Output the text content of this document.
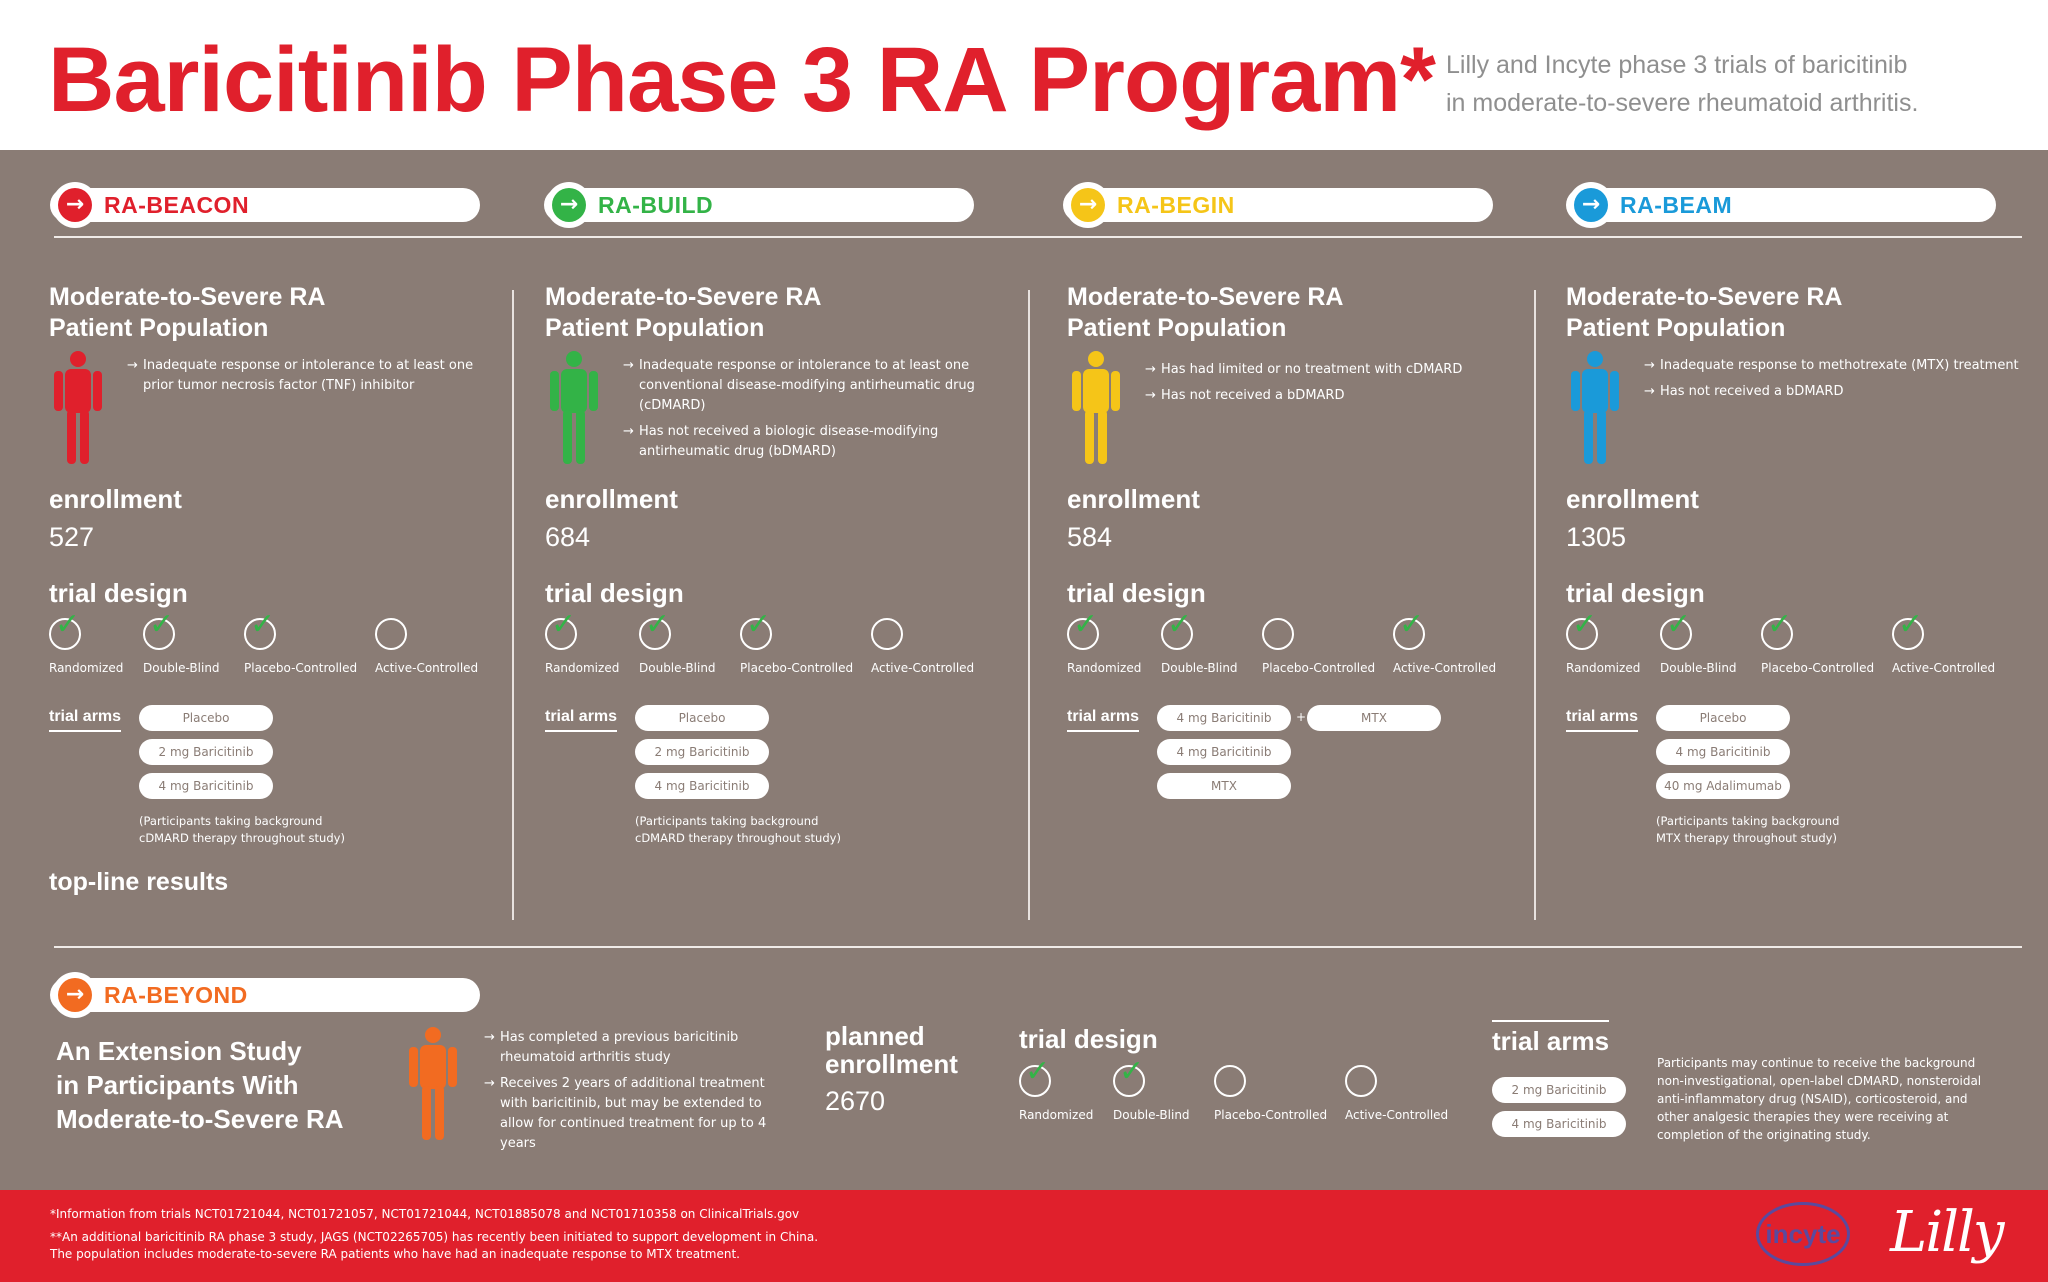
Baricitinib Phase 3 RA Program* Lilly and Incyte phase 3 trials of baricitinib
in moderate-to-severe rheumatoid arthritis.
→ RA-BEACON	→ RA-BUILD	→ RA-BEGIN	→ RA-BEAM
Moderate-to-Severe RA
Patient Population
→ Inadequate response or intolerance to at least one prior tumor necrosis factor (TNF) inhibitor
enrollment
527
trial design
✓
Randomized
✓
Double-Blind
✓
Placebo-Controlled Active-Controlled
trial arms	Placebo
2 mg Baricitinib
4 mg Baricitinib
(Participants taking background
cDMARD therapy throughout study)
top-line results
Moderate-to-Severe RA
Patient Population
→ Inadequate response or intolerance to at least one conventional disease-modifying antirheumatic drug (cDMARD)
→ Has not received a biologic disease-modifying antirheumatic drug (bDMARD)
enrollment
684
trial design
✓
Randomized
✓
Double-Blind
✓
Placebo-Controlled Active-Controlled
trial arms	Placebo
2 mg Baricitinib
4 mg Baricitinib
(Participants taking background
cDMARD therapy throughout study)
Moderate-to-Severe RA
Patient Population
→ Has had limited or no treatment with cDMARD
→ Has not received a bDMARD
enrollment
584
trial design
✓
Randomized
✓
Double-Blind Placebo-Controlled
✓
Active-Controlled
trial arms	4 mg Baricitinib	+	MTX
4 mg Baricitinib
MTX
Moderate-to-Severe RA
Patient Population
→ Inadequate response to methotrexate (MTX) treatment
→ Has not received a bDMARD
enrollment
1305
trial design
✓
Randomized
✓
Double-Blind
✓
Placebo-Controlled
✓
Active-Controlled
trial arms	Placebo
4 mg Baricitinib
40 mg Adalimumab
(Participants taking background
MTX therapy throughout study)
→ RA-BEYOND
An Extension Study
in Participants With
Moderate-to-Severe RA
→ Has completed a previous baricitinib rheumatoid arthritis study
→ Receives 2 years of additional treatment with baricitinib, but may be extended to allow for continued treatment for up to 4 years
planned
enrollment
2670
trial design
✓
Randomized
✓
Double-Blind Placebo-Controlled Active-Controlled
trial arms
2 mg Baricitinib
4 mg Baricitinib
Participants may continue to receive the background non-investigational, open-label cDMARD, nonsteroidal anti-inflammatory drug (NSAID), corticosteroid, and other analgesic therapies they were receiving at completion of the originating study.
*Information from trials NCT01721044, NCT01721057, NCT01721044, NCT01885078 and NCT01710358 on ClinicalTrials.gov
**An additional baricitinib RA phase 3 study, JAGS (NCT02265705) has recently been initiated to support development in China.
The population includes moderate-to-severe RA patients who have had an inadequate response to MTX treatment.
incyte Lilly
